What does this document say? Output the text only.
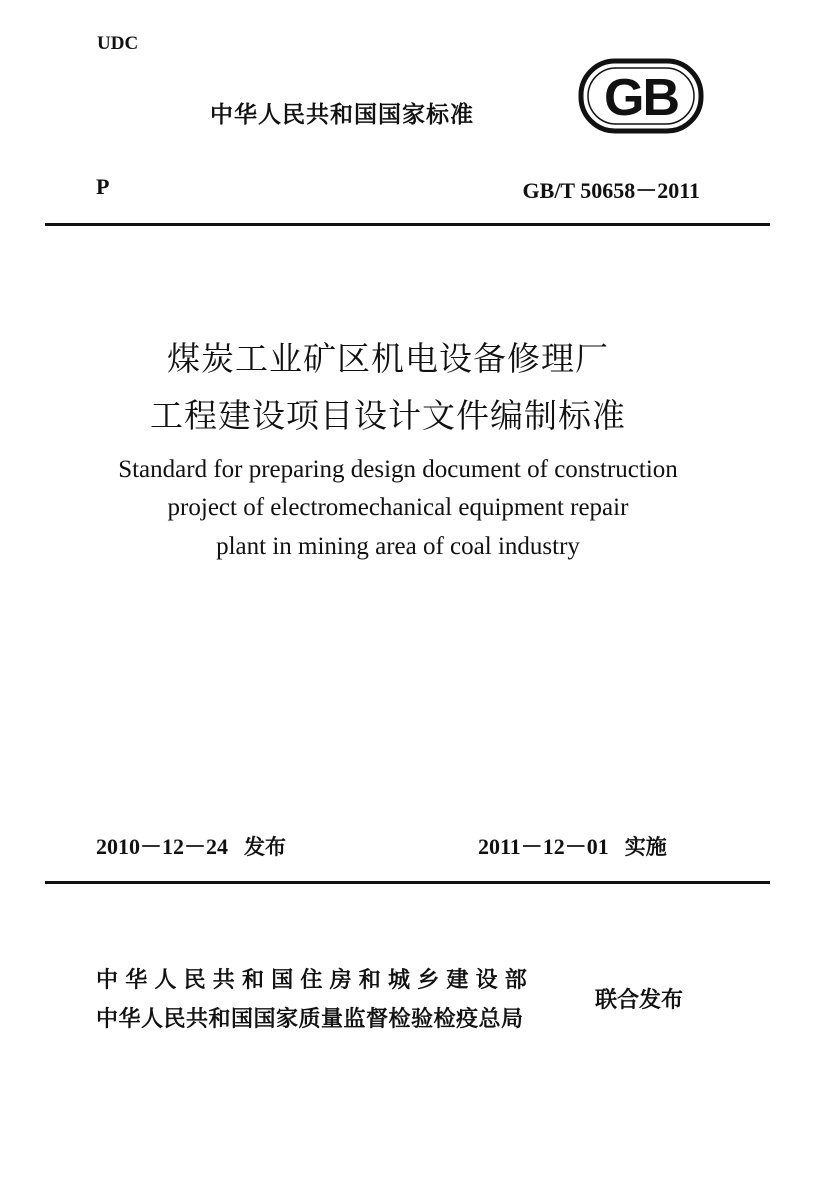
UDC
中华人民共和国国家标准	GB
P	GB/T 50658－2011
煤炭工业矿区机电设备修理厂
工程建设项目设计文件编制标准
Standard for preparing design document of construction
project of electromechanical equipment repair
plant in mining area of coal industry
2010－12－24 发布	2011－12－01 实施
中华人民共和国住房和城乡建设部
中华人民共和国国家质量监督检验检疫总局
联合发布
